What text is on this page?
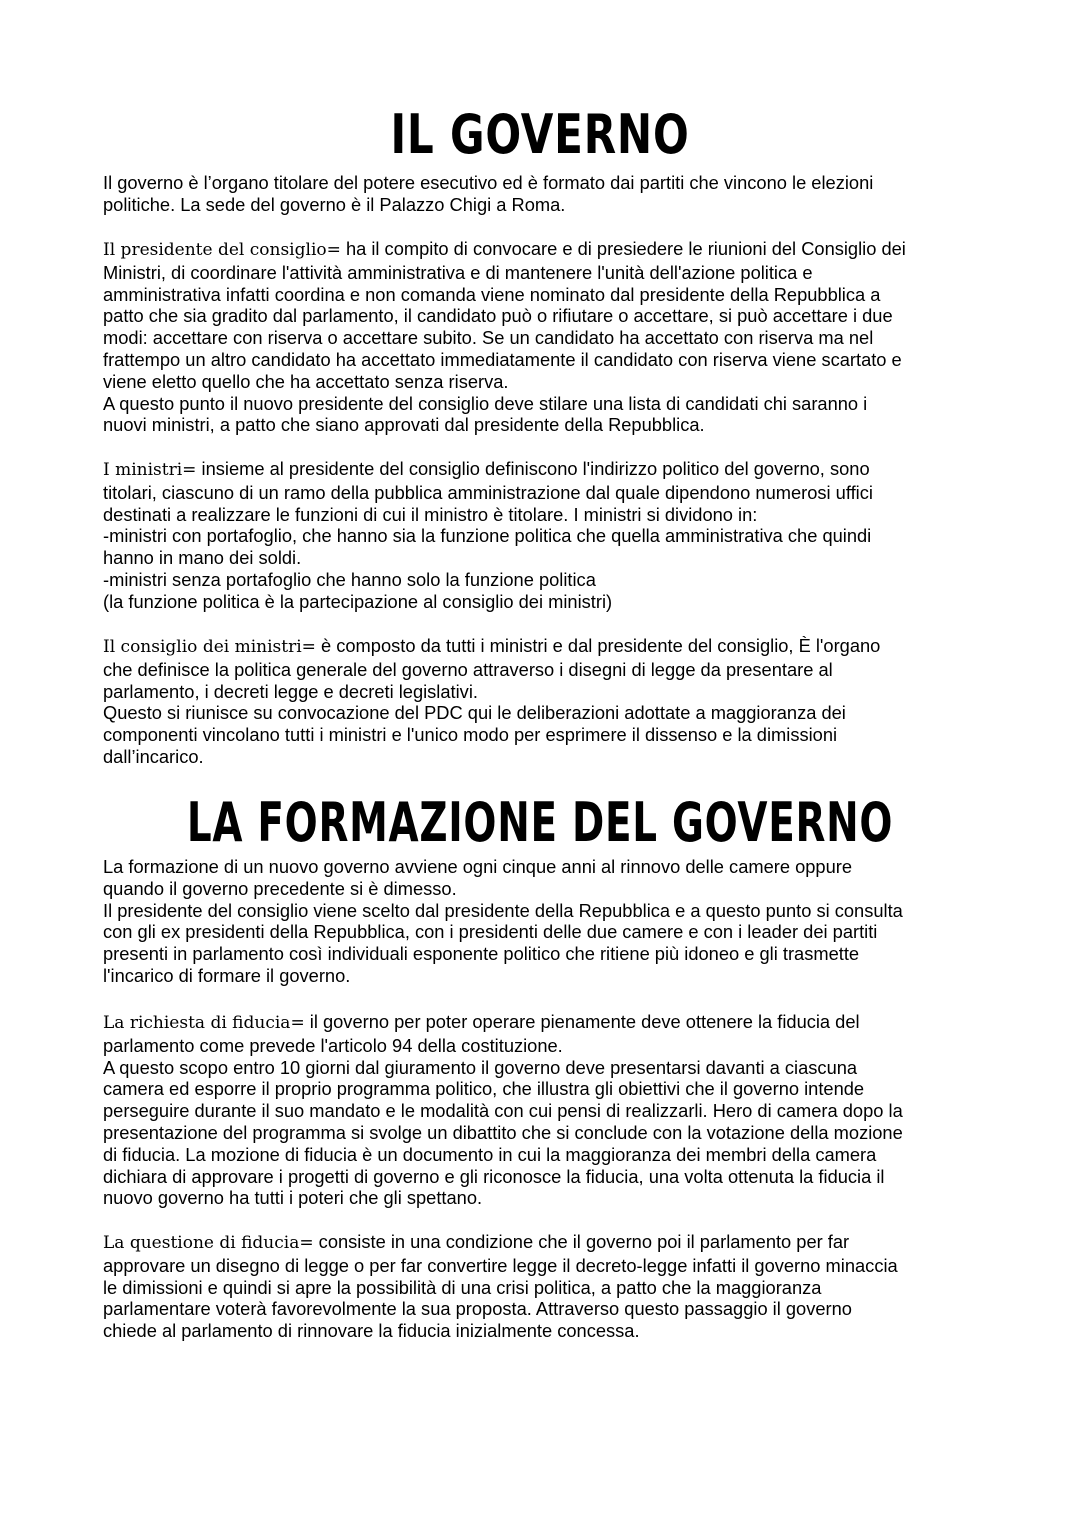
IL GOVERNO

Il governo è l’organo titolare del potere esecutivo ed è formato dai partiti che vincono le elezioni
politiche. La sede del governo è il Palazzo Chigi a Roma.

Il presidente del consiglio= ha il compito di convocare e di presiedere le riunioni del Consiglio dei
Ministri, di coordinare l'attività amministrativa e di mantenere l'unità dell'azione politica e
amministrativa infatti coordina e non comanda viene nominato dal presidente della Repubblica a
patto che sia gradito dal parlamento, il candidato può o rifiutare o accettare, si può accettare i due
modi: accettare con riserva o accettare subito. Se un candidato ha accettato con riserva ma nel
frattempo un altro candidato ha accettato immediatamente il candidato con riserva viene scartato e
viene eletto quello che ha accettato senza riserva.
A questo punto il nuovo presidente del consiglio deve stilare una lista di candidati chi saranno i
nuovi ministri, a patto che siano approvati dal presidente della Repubblica.

I ministri= insieme al presidente del consiglio definiscono l'indirizzo politico del governo, sono
titolari, ciascuno di un ramo della pubblica amministrazione dal quale dipendono numerosi uffici
destinati a realizzare le funzioni di cui il ministro è titolare. I ministri si dividono in:
-ministri con portafoglio, che hanno sia la funzione politica che quella amministrativa che quindi
hanno in mano dei soldi.
-ministri senza portafoglio che hanno solo la funzione politica
(la funzione politica è la partecipazione al consiglio dei ministri)

Il consiglio dei ministri= è composto da tutti i ministri e dal presidente del consiglio, È l'organo
che definisce la politica generale del governo attraverso i disegni di legge da presentare al
parlamento, i decreti legge e decreti legislativi.
Questo si riunisce su convocazione del PDC qui le deliberazioni adottate a maggioranza dei
componenti vincolano tutti i ministri e l'unico modo per esprimere il dissenso e la dimissioni
dall’incarico.

LA FORMAZIONE DEL GOVERNO

La formazione di un nuovo governo avviene ogni cinque anni al rinnovo delle camere oppure
quando il governo precedente si è dimesso.
Il presidente del consiglio viene scelto dal presidente della Repubblica e a questo punto si consulta
con gli ex presidenti della Repubblica, con i presidenti delle due camere e con i leader dei partiti
presenti in parlamento così individuali esponente politico che ritiene più idoneo e gli trasmette
l'incarico di formare il governo.

La richiesta di fiducia= il governo per poter operare pienamente deve ottenere la fiducia del
parlamento come prevede l'articolo 94 della costituzione.
A questo scopo entro 10 giorni dal giuramento il governo deve presentarsi davanti a ciascuna
camera ed esporre il proprio programma politico, che illustra gli obiettivi che il governo intende
perseguire durante il suo mandato e le modalità con cui pensi di realizzarli. Hero di camera dopo la
presentazione del programma si svolge un dibattito che si conclude con la votazione della mozione
di fiducia. La mozione di fiducia è un documento in cui la maggioranza dei membri della camera
dichiara di approvare i progetti di governo e gli riconosce la fiducia, una volta ottenuta la fiducia il
nuovo governo ha tutti i poteri che gli spettano.

La questione di fiducia= consiste in una condizione che il governo poi il parlamento per far
approvare un disegno di legge o per far convertire legge il decreto-legge infatti il governo minaccia
le dimissioni e quindi si apre la possibilità di una crisi politica, a patto che la maggioranza
parlamentare voterà favorevolmente la sua proposta. Attraverso questo passaggio il governo
chiede al parlamento di rinnovare la fiducia inizialmente concessa.
